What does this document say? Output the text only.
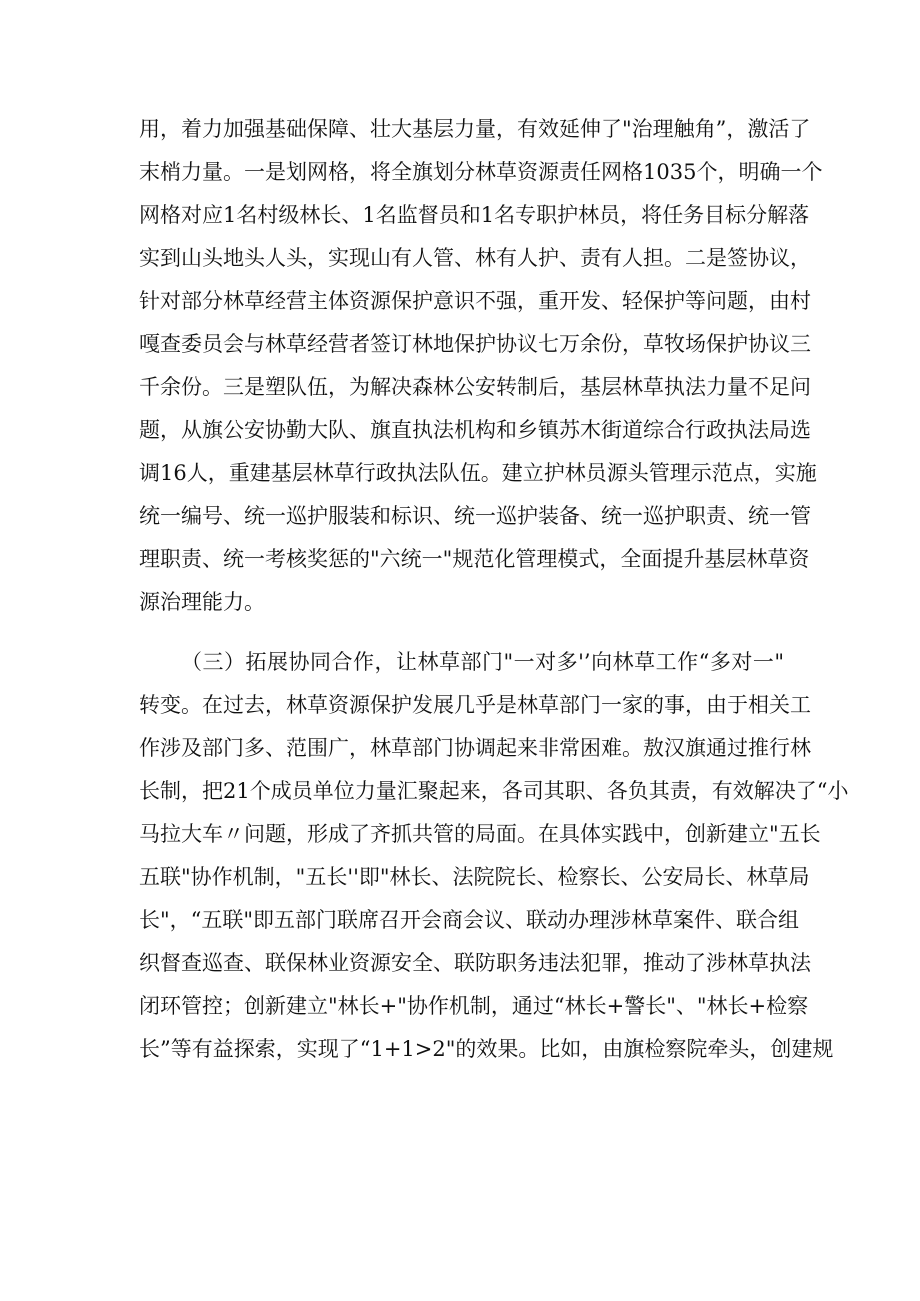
用，着力加强基础保障、壮大基层力量，有效延伸了"治理触角”，激活了
末梢力量。一是划网格，将全旗划分林草资源责任网格1035个，明确一个
网格对应1名村级林长、1名监督员和1名专职护林员，将任务目标分解落
实到山头地头人头，实现山有人管、林有人护、责有人担。二是签协议，
针对部分林草经营主体资源保护意识不强，重开发、轻保护等问题，由村
嘎查委员会与林草经营者签订林地保护协议七万余份，草牧场保护协议三
千余份。三是塑队伍，为解决森林公安转制后，基层林草执法力量不足问
题，从旗公安协勤大队、旗直执法机构和乡镇苏木街道综合行政执法局选
调16人，重建基层林草行政执法队伍。建立护林员源头管理示范点，实施
统一编号、统一巡护服装和标识、统一巡护装备、统一巡护职责、统一管
理职责、统一考核奖惩的"六统一"规范化管理模式，全面提升基层林草资
源治理能力。
（三）拓展协同合作，让林草部门"一对多'’向林草工作“多对一"
转变。在过去，林草资源保护发展几乎是林草部门一家的事，由于相关工
作涉及部门多、范围广，林草部门协调起来非常困难。敖汉旗通过推行林
长制，把21个成员单位力量汇聚起来，各司其职、各负其责，有效解决了“小
马拉大车〃问题，形成了齐抓共管的局面。在具体实践中，创新建立"五长
五联"协作机制，"五长''即"林长、法院院长、检察长、公安局长、林草局
长"，“五联"即五部门联席召开会商会议、联动办理涉林草案件、联合组
织督查巡查、联保林业资源安全、联防职务违法犯罪，推动了涉林草执法
闭环管控；创新建立"林长+"协作机制，通过“林长+警长"、"林长+检察
长”等有益探索，实现了“1+1>2"的效果。比如，由旗检察院牵头，创建规
